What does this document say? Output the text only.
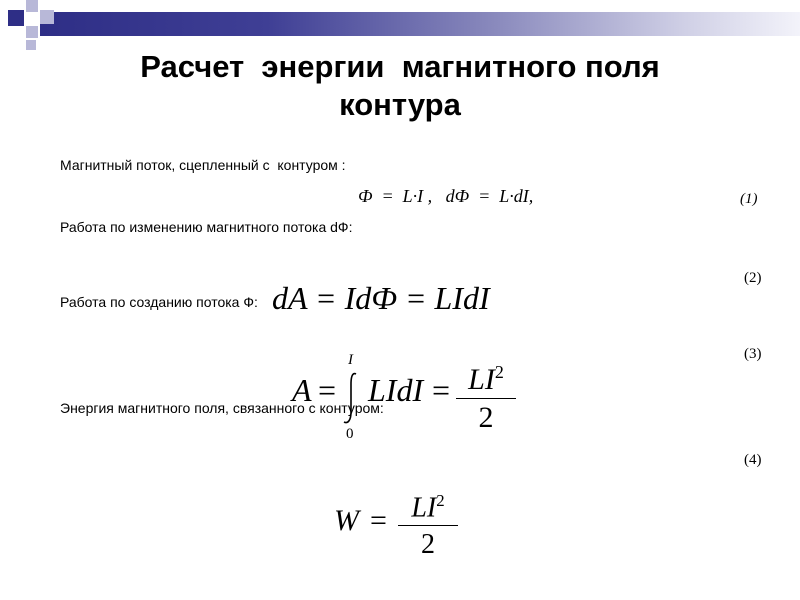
Расчет  энергии  магнитного поля
контура
Магнитный поток, сцепленный с  контуром :
Ф  =  L·I ,   dФ  =  L·dI,	(1)
Работа по изменению магнитного потока dФ:
(2)
Работа по созданию потока Ф: dA = IdФ = LIdI
(3)
A =
I
0
LIdI = $LI^2$
2
Энергия магнитного поля, связанного с контуром:
(4)
$W = LI^2$
2
